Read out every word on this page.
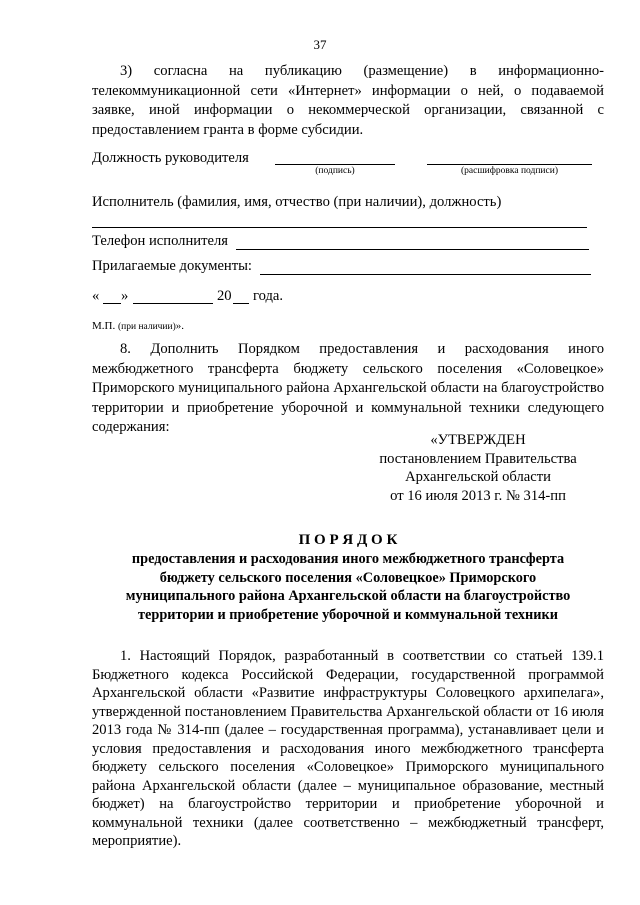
37
3) согласна на публикацию (размещение) в информационно-телекоммуникационной сети «Интернет» информации о ней, о подаваемой заявке, иной информации о некоммерческой организации, связанной с предоставлением гранта в форме субсидии.
Должность руководителя
(подпись)	(расшифровка подписи)
Исполнитель (фамилия, имя, отчество (при наличии), должность)
Телефон исполнителя
Прилагаемые документы:
« »	20 года.
М.П. (при наличии)».
8. Дополнить Порядком предоставления и расходования иного межбюджетного трансферта бюджету сельского поселения «Соловецкое» Приморского муниципального района Архангельской области на благоустройство территории и приобретение уборочной и коммунальной техники следующего содержания:
«УТВЕРЖДЕН
постановлением Правительства
Архангельской области
от 16 июля 2013 г. № 314-пп
П О Р Я Д О К
предоставления и расходования иного межбюджетного трансферта
бюджету сельского поселения «Соловецкое» Приморского
муниципального района Архангельской области на благоустройство
территории и приобретение уборочной и коммунальной техники
1. Настоящий Порядок, разработанный в соответствии со статьей 139.1 Бюджетного кодекса Российской Федерации, государственной программой Архангельской области «Развитие инфраструктуры Соловецкого архипелага», утвержденной постановлением Правительства Архангельской области от 16 июля 2013 года № 314-пп (далее – государственная программа), устанавливает цели и условия предоставления и расходования иного межбюджетного трансферта бюджету сельского поселения «Соловецкое» Приморского муниципального района Архангельской области (далее – муниципальное образование, местный бюджет) на благоустройство территории и приобретение уборочной и коммунальной техники (далее соответственно – межбюджетный трансферт, мероприятие).
